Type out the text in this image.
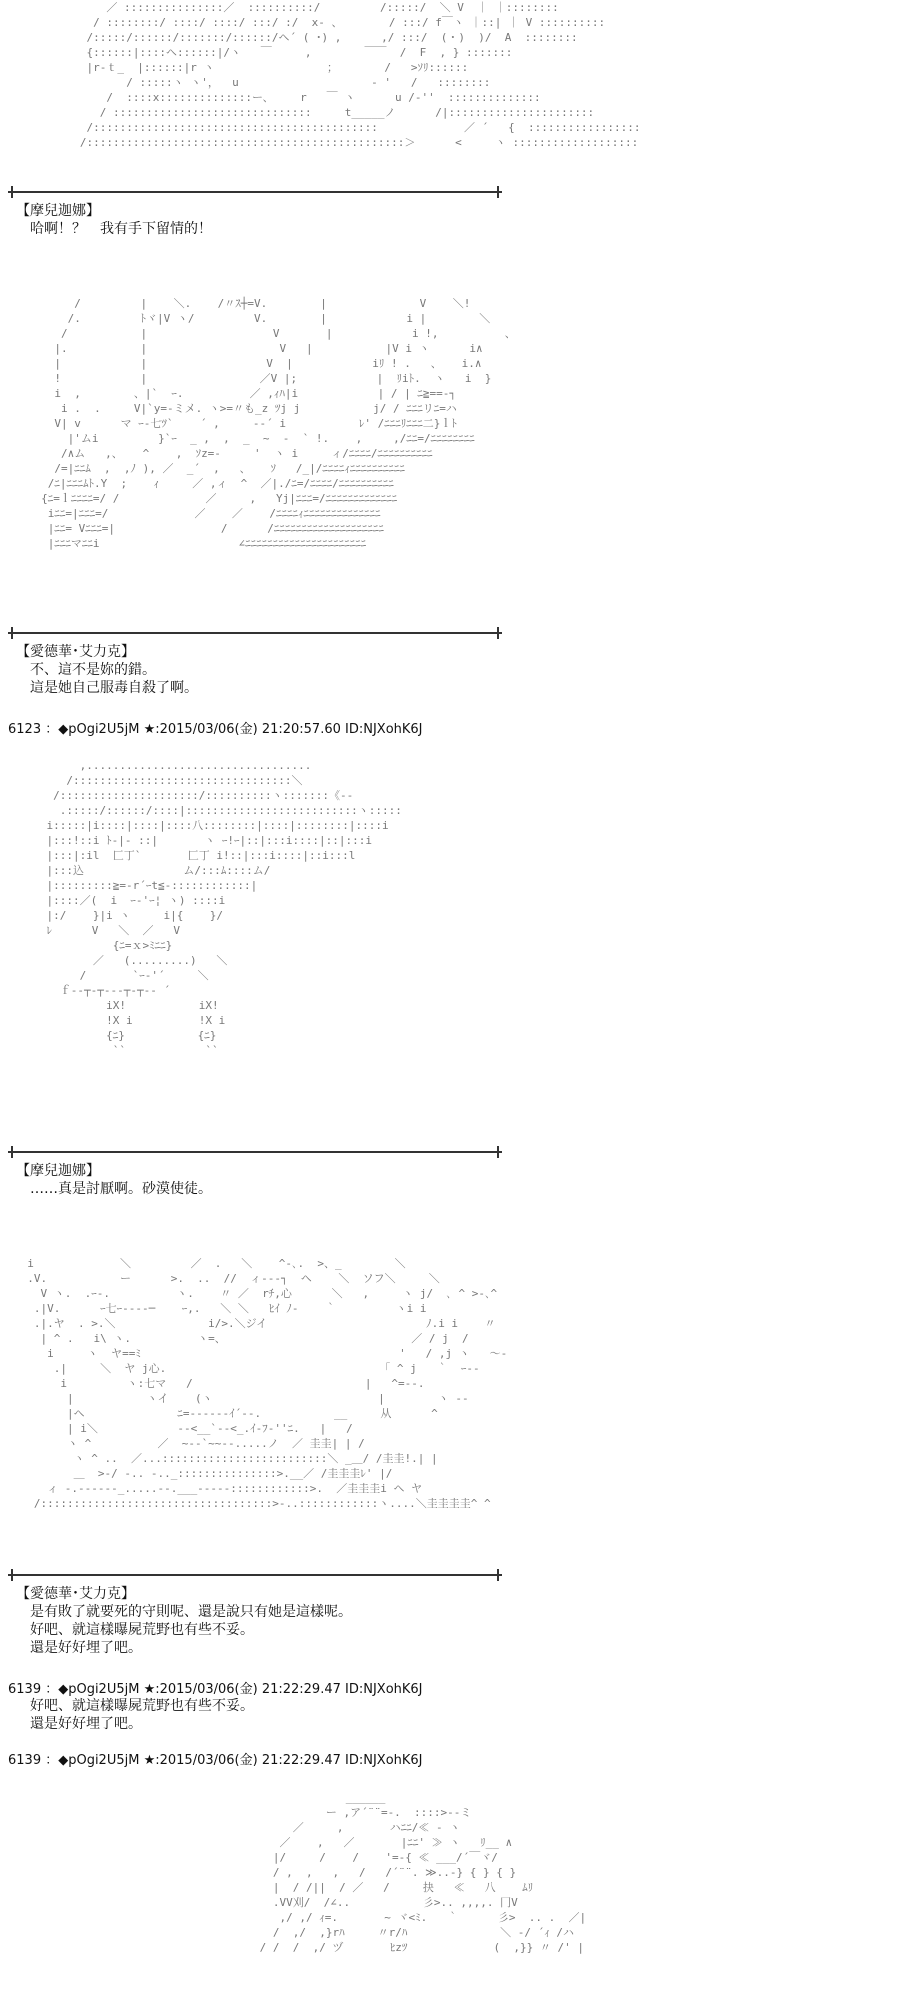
／ :::::::::::::::／  ::::::::::/         /:::::/  ＼ V  ｜ ｜::::::::
/ ::::::::/ ::::/ ::::/ :::/ :/  x‐ 、       / :::/ f￣ヽ ｜::| ｜ V ::::::::::
/:::::/::::::/:::::::/::::::/ヘ´ ( ･) ,      ,/ :::/  (・)  )/  A  ::::::::
{::::::|::::ヘ::::::|/ヽ   ￣     ,        ￣￣  /  F  , } :::::::
|r‐ｔ_  |::::::|r ヽ                 ；       /   >ｿﾘ::::::
/ :::::ヽ ヽ'，  u                    ‐ '   /   ::::::::
/  ::::x::::::::::::::ー、    r   ￣ ヽ      u /‐''  ::::::::::::::
/ ::::::::::::::::::::::::::::::     t_____ノ      /|::::::::::::::::::::::
/:::::::::::::::::::::::::::::::::::::::::::             ／ ´   {  :::::::::::::::::
/::::::::::::::::::::::::::::::::::::::::::::::::＞      <     ヽ :::::::::::::::::::
【摩兒迦娜】
哈啊！？　我有手下留情的！
/         |    ＼.    /〃ｽ┼=V.        |              V    ＼!
/.         ﾄヾ|V ヽ/         V.        |            i |        ＼
/           |                   V       |            i !,          、
|.           |                    V   |           |V i ヽ      i∧
|            |                  V  |            iﾘ ! .   、   i.∧
!            |                 ／V |;            |  ﾘiﾄ.  ヽ   i  }
i  ,        、|`  ｰ.          ／ ,ｨﾊ|i            | / | ﾆ≧==‐┐
i .  .     V|`y=-ミメ. ヽ>=〃も_z ﾂj j           j/ / ﾆﾆﾆリﾆ=ハ
V| v      マ ｰ-七ﾂ`    ´ ,     -‐´ i           ﾚ' /ﾆﾆﾆﾘﾆﾆﾆ二}ｌﾄ
|'ムi         }`ｰ  _ ,  ,  _  ~  -  ` !.    , 　  ,/ﾆﾆ=/ﾆﾆﾆﾆﾆﾆﾆﾆ
/∧ム   ,、   ^    ,  ｿz=-     '  ヽ i     ィ/ﾆﾆﾆﾆ/ﾆﾆﾆﾆﾆﾆﾆﾆﾆﾆ
/=|ﾆﾆﾑ  ,  ,ﾉ ), ／  _´  ,   、   ｿ   /_|/ﾆﾆﾆﾆｨﾆﾆﾆﾆﾆﾆﾆﾆﾆﾆ
/ﾆ|ﾆﾆﾆﾑﾄ.Y  ;    ｨ     ／ ,ィ  ^  ／|./ﾆ=/ﾆﾆﾆﾆ/ﾆﾆﾆﾆﾆﾆﾆﾆﾆﾆ
{ﾆ=ｌﾆﾆﾆﾆ=/ /             ／     ,   Yj|ﾆﾆﾆ=/ﾆﾆﾆﾆﾆﾆﾆﾆﾆﾆﾆﾆﾆ
iﾆﾆ=|ﾆﾆﾆ=/             ／    ／    /ﾆﾆﾆﾆｨﾆﾆﾆﾆﾆﾆﾆﾆﾆﾆﾆﾆﾆﾆ
|ﾆﾆ= Vﾆﾆﾆ=|                /      /ﾆﾆﾆﾆﾆﾆﾆﾆﾆﾆﾆﾆﾆﾆﾆﾆﾆﾆﾆﾆ
|ﾆﾆﾆマﾆﾆi                     ∠ﾆﾆﾆﾆﾆﾆﾆﾆﾆﾆﾆﾆﾆﾆﾆﾆﾆﾆﾆﾆﾆﾆ
【愛德華･艾力克】
不、這不是妳的錯。
這是她自己服毒自殺了啊。
6123 ：◆pOgi2U5jM ★:2015/03/06(金) 21:20:57.60 ID:NJXohK6J
,..................................
/:::::::::::::::::::::::::::::::::＼
/:::::::::::::::::::::/::::::::::ヽ:::::::《‐-
.:::::/::::::/::::|::::::::::::::::::::::::::ヽ:::::
i:::::|i::::|::::|::::八::::::::|::::|::::::::|::::i
|:::!::i ﾄ-|‐ ::|       ヽ ｰ!ｰ|::|:::i::::|::|:::i
|:::|:il  匚丁`       匚丁 i!::|:::i::::|::i:::l
|:::込               ム/:::ﾑ::::ム/
|:::::::::≧=‐r´ｰt≦‐::::::::::::|
|::::／(  i  ｰ‐'ｰ¦ ヽ) ::::i
|:/    }|i ヽ     i|{    }/
ﾚ      V   ＼  ／   V
{ﾆ=ｘ>ﾐﾆﾆ}
／   (.........)   ＼
/       `ｰ‐'´     ＼
ｆ‐‐┬‐┬‐‐‐┬‐┬‐‐ ´
iX!           iX!
!X i          !X i
{ﾆ}           {ﾆ}
``            ``
【摩兒迦娜】
……真是討厭啊。砂漠使徒。
i             ＼         ／  .   ＼    ^‐､.  >、_        ＼
.V.           ー      >.  ..  //  ィ‐‐‐┐  ヘ    ＼  ソフ＼     ＼
V ヽ.  .ｰ‐.          ヽ.    〃 ／  rﾁ,心      ＼   ,     ヽ j/  ､ ^ >‐､^
.|V.      ｰ七ｰ‐‐‐‐─    ｰ,.   ＼ ＼   ﾋｲ ﾉ-    ｀         ヽi i
.|.ヤ  . >.＼              i/>.＼ジイ                        ﾉ.i i    〃
| ^ .   i\ ヽ.          ヽ=、                            ／ / j  /
i     ヽ  ヤ==ﾐ                                       '   / ,j ヽ   ～‐
.|     ＼  ヤ j心.                                 ｢ ^ j   ｀  ｰ‐‐
i         ヽ:七マ   /                          |   ^=-‐.
|           ヽイ    (ヽ                         |        ヽ ‐‐
|ヘ              ﾆ=‐‐‐‐‐‐ｲ´‐‐.           __     从      ^
| i＼            ‐‐<__`‐‐<_.ｲ‐ﾌ‐''ﾆ.   |   /
ヽ ^          ／  ~‐‐`~~‐‐.....ノ  ／ 圭圭| | /
ヽ ^ ..  ／...:::::::::::::::::::::::::＼ _＿/ /圭圭!.| |
＿  >‐/ ‐.. ‐.._:::::::::::::::>.__／ /圭圭圭ﾚ' |/
ィ ‐.‐‐‐‐‐‐_.....‐‐.___‐‐‐‐‐::::::::::::>.  ／圭圭圭i ヘ ヤ
/:::::::::::::::::::::::::::::::::::>‐..::::::::::::ヽ....＼圭圭圭圭^ ^
【愛德華･艾力克】
是有敗了就要死的守則呢、還是說只有她是這樣呢。
好吧、就這樣曝屍荒野也有些不妥。
還是好好埋了吧。
6139 ：◆pOgi2U5jM ★:2015/03/06(金) 21:22:29.47 ID:NJXohK6J
好吧、就這樣曝屍荒野也有些不妥。
還是好好埋了吧。
6139 ：◆pOgi2U5jM ★:2015/03/06(金) 21:22:29.47 ID:NJXohK6J
______
ー ,ア´¨¨=‐.  ::::>‐-ミ
／     ,       ハﾆﾆ/≪ ‐ ヽ
／    ,   ／       |ﾆﾆ' ≫ ヽ   ﾘ__ ∧
|/     /    /    '=‐{ ≪ ___/´￣ヾ/
/ ,  ,   ,   /   /´¨¨. ≫..‐} { } { }
|  / /||  / ／   /     抉   ≪   八    ﾑﾘ
.VV刈/  /∠..           彡>.. ,,,,. 冂V
,/ ,/ ｨ=.       ~ ヾ<ﾐ.   ｀      彡>  .. .  ／|
/  ,/  ,}rﾊ     〃r/ﾊ              ＼ ‐/ ´ｨ /ハ
/ /  /  ,/ ヅ       ﾋzﾂ             (  ,}} 〃 /' |
